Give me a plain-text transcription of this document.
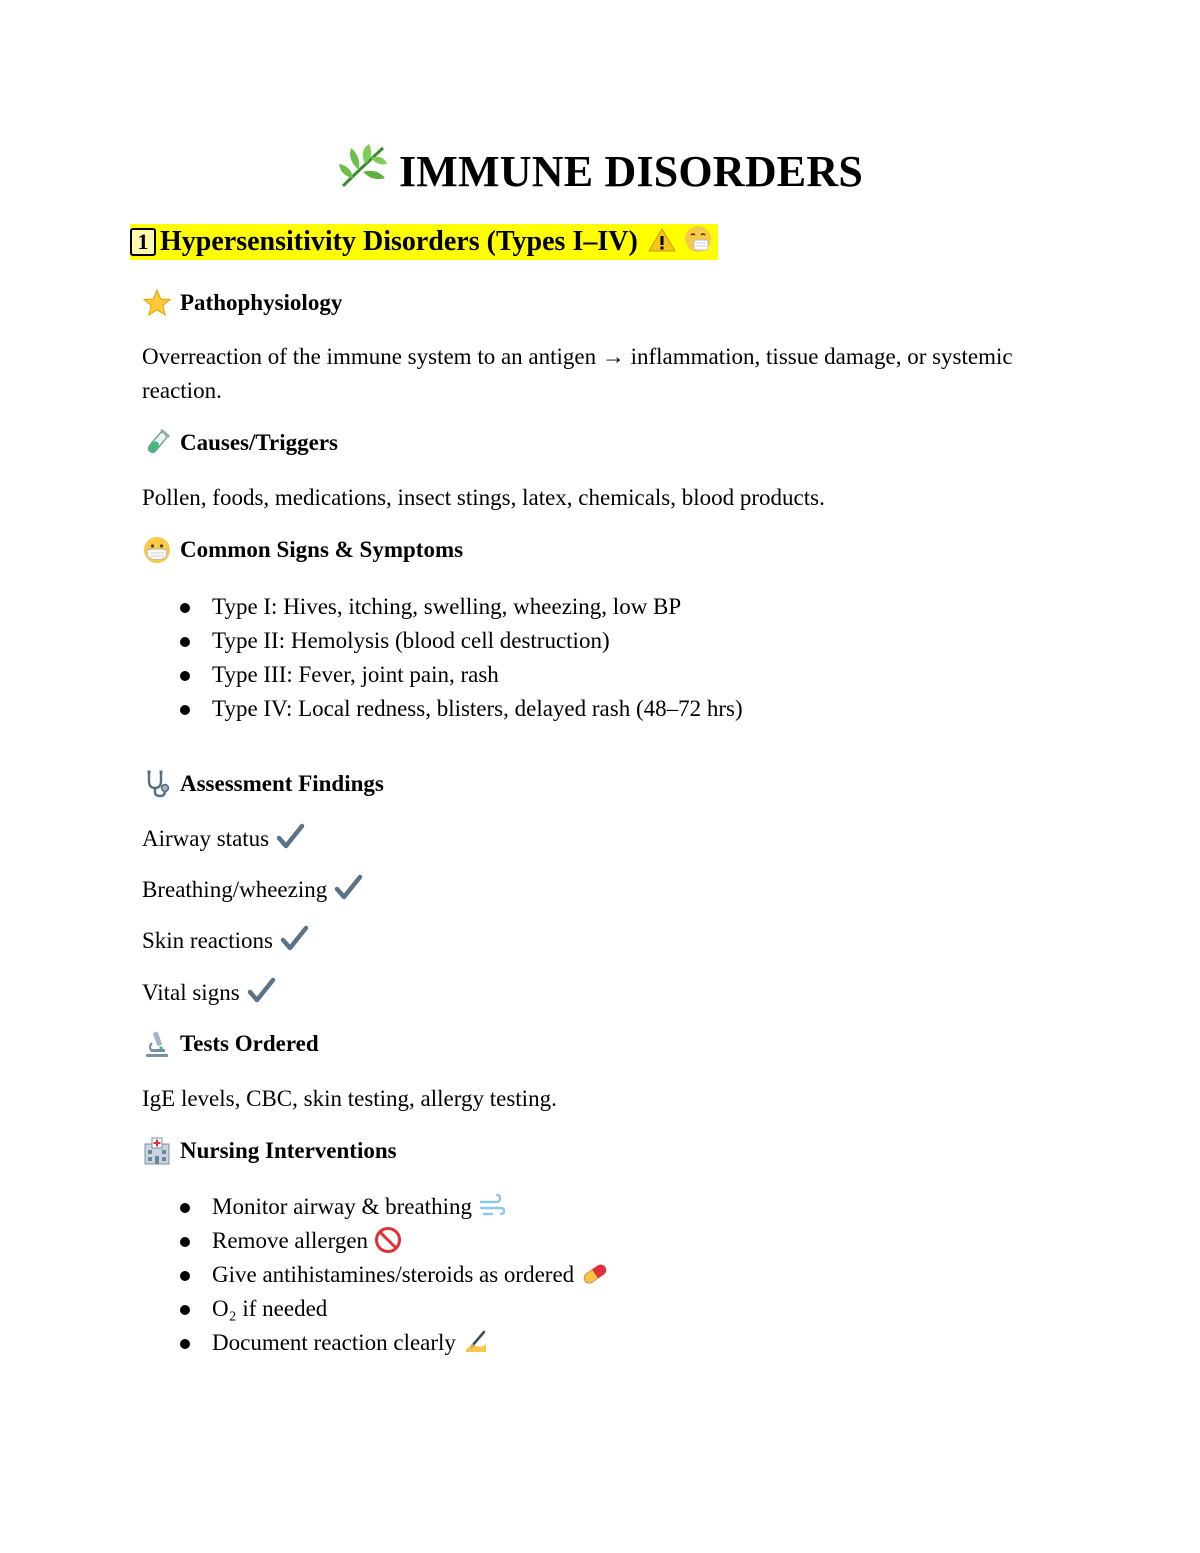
IMMUNE DISORDERS
1 Hypersensitivity Disorders (Types I–IV)
Pathophysiology
Overreaction of the immune system to an antigen → inflammation, tissue damage, or systemic reaction.
Causes/Triggers
Pollen, foods, medications, insect stings, latex, chemicals, blood products.
Common Signs & Symptoms
Type I: Hives, itching, swelling, wheezing, low BP
Type II: Hemolysis (blood cell destruction)
Type III: Fever, joint pain, rash
Type IV: Local redness, blisters, delayed rash (48–72 hrs)
Assessment Findings
Airway status
Breathing/wheezing
Skin reactions
Vital signs
Tests Ordered
IgE levels, CBC, skin testing, allergy testing.
Nursing Interventions
Monitor airway & breathing
Remove allergen
Give antihistamines/steroids as ordered
O₂ if needed
Document reaction clearly
